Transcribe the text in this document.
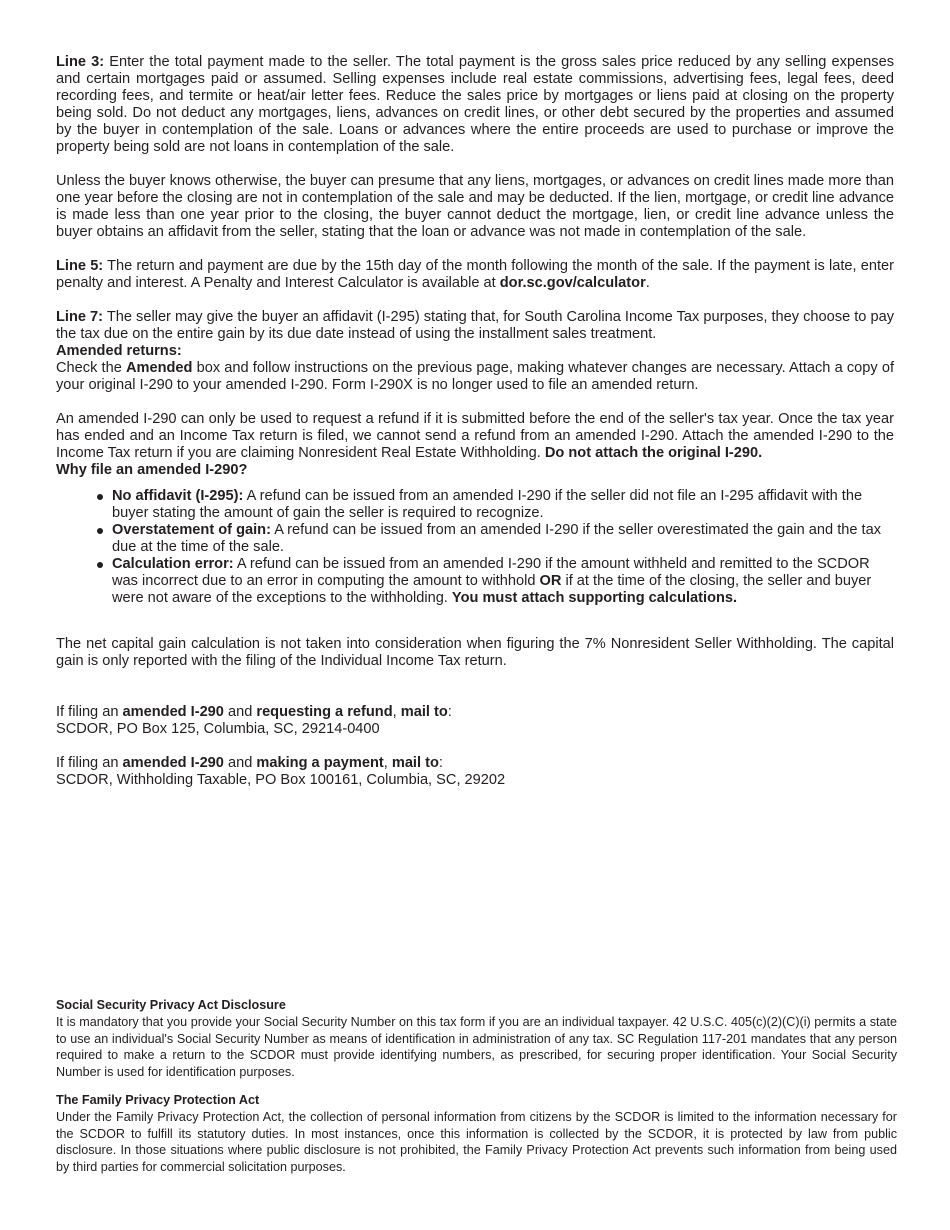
Line 3: Enter the total payment made to the seller. The total payment is the gross sales price reduced by any selling expenses and certain mortgages paid or assumed. Selling expenses include real estate commissions, advertising fees, legal fees, deed recording fees, and termite or heat/air letter fees. Reduce the sales price by mortgages or liens paid at closing on the property being sold. Do not deduct any mortgages, liens, advances on credit lines, or other debt secured by the properties and assumed by the buyer in contemplation of the sale. Loans or advances where the entire proceeds are used to purchase or improve the property being sold are not loans in contemplation of the sale.

Unless the buyer knows otherwise, the buyer can presume that any liens, mortgages, or advances on credit lines made more than one year before the closing are not in contemplation of the sale and may be deducted. If the lien, mortgage, or credit line advance is made less than one year prior to the closing, the buyer cannot deduct the mortgage, lien, or credit line advance unless the buyer obtains an affidavit from the seller, stating that the loan or advance was not made in contemplation of the sale.

Line 5: The return and payment are due by the 15th day of the month following the month of the sale. If the payment is late, enter penalty and interest. A Penalty and Interest Calculator is available at dor.sc.gov/calculator.

Line 7: The seller may give the buyer an affidavit (I-295) stating that, for South Carolina Income Tax purposes, they choose to pay the tax due on the entire gain by its due date instead of using the installment sales treatment.

Amended returns:

Check the Amended box and follow instructions on the previous page, making whatever changes are necessary. Attach a copy of your original I-290 to your amended I-290. Form I-290X is no longer used to file an amended return.

An amended I-290 can only be used to request a refund if it is submitted before the end of the seller's tax year. Once the tax year has ended and an Income Tax return is filed, we cannot send a refund from an amended I-290. Attach the amended I-290 to the Income Tax return if you are claiming Nonresident Real Estate Withholding. Do not attach the original I-290.

Why file an amended I-290?

No affidavit (I-295): A refund can be issued from an amended I-290 if the seller did not file an I-295 affidavit with the buyer stating the amount of gain the seller is required to recognize.
Overstatement of gain: A refund can be issued from an amended I-290 if the seller overestimated the gain and the tax due at the time of the sale.
Calculation error: A refund can be issued from an amended I-290 if the amount withheld and remitted to the SCDOR was incorrect due to an error in computing the amount to withhold OR if at the time of the closing, the seller and buyer were not aware of the exceptions to the withholding. You must attach supporting calculations.

The net capital gain calculation is not taken into consideration when figuring the 7% Nonresident Seller Withholding. The capital gain is only reported with the filing of the Individual Income Tax return.

If filing an amended I-290 and requesting a refund, mail to:

SCDOR, PO Box 125, Columbia, SC, 29214-0400

If filing an amended I-290 and making a payment, mail to:

SCDOR, Withholding Taxable, PO Box 100161, Columbia, SC, 29202

Social Security Privacy Act Disclosure

It is mandatory that you provide your Social Security Number on this tax form if you are an individual taxpayer. 42 U.S.C. 405(c)(2)(C)(i) permits a state to use an individual's Social Security Number as means of identification in administration of any tax. SC Regulation 117-201 mandates that any person required to make a return to the SCDOR must provide identifying numbers, as prescribed, for securing proper identification. Your Social Security Number is used for identification purposes.

The Family Privacy Protection Act

Under the Family Privacy Protection Act, the collection of personal information from citizens by the SCDOR is limited to the information necessary for the SCDOR to fulfill its statutory duties. In most instances, once this information is collected by the SCDOR, it is protected by law from public disclosure. In those situations where public disclosure is not prohibited, the Family Privacy Protection Act prevents such information from being used by third parties for commercial solicitation purposes.
